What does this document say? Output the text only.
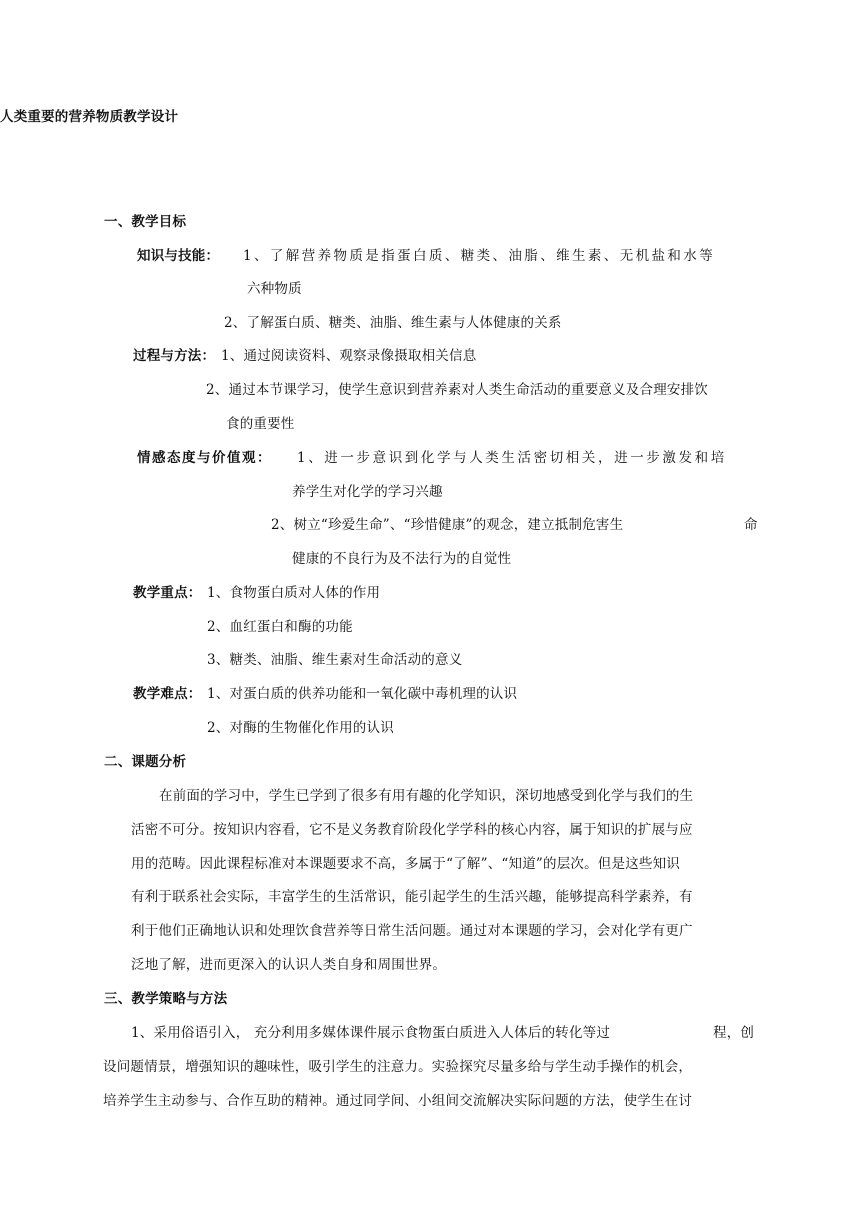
人类重要的营养物质教学设计
一、教学目标
知识与技能： 1、了解营养物质是指蛋白质、糖类、油脂、维生素、无机盐和水等
六种物质
2、了解蛋白质、糖类、油脂、维生素与人体健康的关系
过程与方法： 1、通过阅读资料、观察录像摄取相关信息
2、通过本节课学习，使学生意识到营养素对人类生命活动的重要意义及合理安排饮
食的重要性
情感态度与价值观： 1、进一步意识到化学与人类生活密切相关，进一步激发和培
养学生对化学的学习兴趣
2、树立“珍爱生命”、“珍惜健康”的观念，建立抵制危害生	命
健康的不良行为及不法行为的自觉性
教学重点： 1、食物蛋白质对人体的作用
2、血红蛋白和酶的功能
3、糖类、油脂、维生素对生命活动的意义
教学难点： 1、对蛋白质的供养功能和一氧化碳中毒机理的认识
2、对酶的生物催化作用的认识
二、课题分析
在前面的学习中，学生已学到了很多有用有趣的化学知识，深切地感受到化学与我们的生
活密不可分。按知识内容看，它不是义务教育阶段化学学科的核心内容，属于知识的扩展与应
用的范畴。因此课程标准对本课题要求不高，多属于“了解”、“知道”的层次。但是这些知识
有利于联系社会实际，丰富学生的生活常识，能引起学生的生活兴趣，能够提高科学素养，有
利于他们正确地认识和处理饮食营养等日常生活问题。通过对本课题的学习，会对化学有更广
泛地了解，进而更深入的认识人类自身和周围世界。
三、教学策略与方法
1、采用俗语引入， 充分利用多媒体课件展示食物蛋白质进入人体后的转化等过	程，创
设问题情景，增强知识的趣味性，吸引学生的注意力。实验探究尽量多给与学生动手操作的机会，
培养学生主动参与、合作互助的精神。通过同学间、小组间交流解决实际问题的方法，使学生在讨
